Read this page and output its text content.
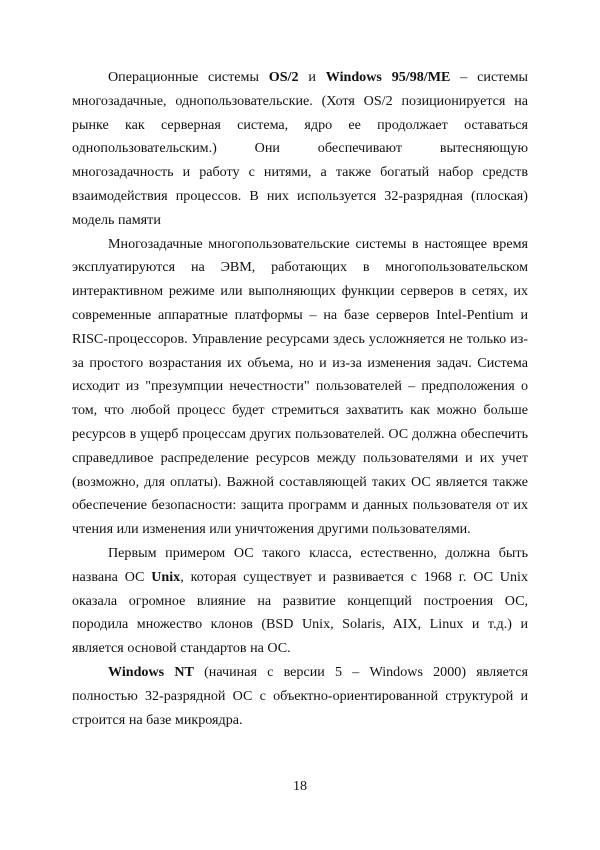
Операционные системы OS/2 и Windows 95/98/ME – системы многозадачные, однопользовательские. (Хотя OS/2 позиционируется на рынке как серверная система, ядро ее продолжает оставаться однопользовательским.) Они обеспечивают вытесняющую многозадачность и работу с нитями, а также богатый набор средств взаимодействия процессов. В них используется 32-разрядная (плоская) модель памяти

Многозадачные многопользовательские системы в настоящее время эксплуатируются на ЭВМ, работающих в многопользовательском интерактивном режиме или выполняющих функции серверов в сетях, их современные аппаратные платформы – на базе серверов Intel-Pentium и RISC-процессоров. Управление ресурсами здесь усложняется не только из-за простого возрастания их объема, но и из-за изменения задач. Система исходит из "презумпции нечестности" пользователей – предположения о том, что любой процесс будет стремиться захватить как можно больше ресурсов в ущерб процессам других пользователей. ОС должна обеспечить справедливое распределение ресурсов между пользователями и их учет (возможно, для оплаты). Важной составляющей таких ОС является также обеспечение безопасности: защита программ и данных пользователя от их чтения или изменения или уничтожения другими пользователями.

Первым примером ОС такого класса, естественно, должна быть названа ОС Unix, которая существует и развивается с 1968 г. ОС Unix оказала огромное влияние на развитие концепций построения ОС, породила множество клонов (BSD Unix, Solaris, AIX, Linux и т.д.) и является основой стандартов на ОС.

Windows NT (начиная с версии 5 – Windows 2000) является полностью 32-разрядной ОС с объектно-ориентированной структурой и строится на базе микроядра.

18
